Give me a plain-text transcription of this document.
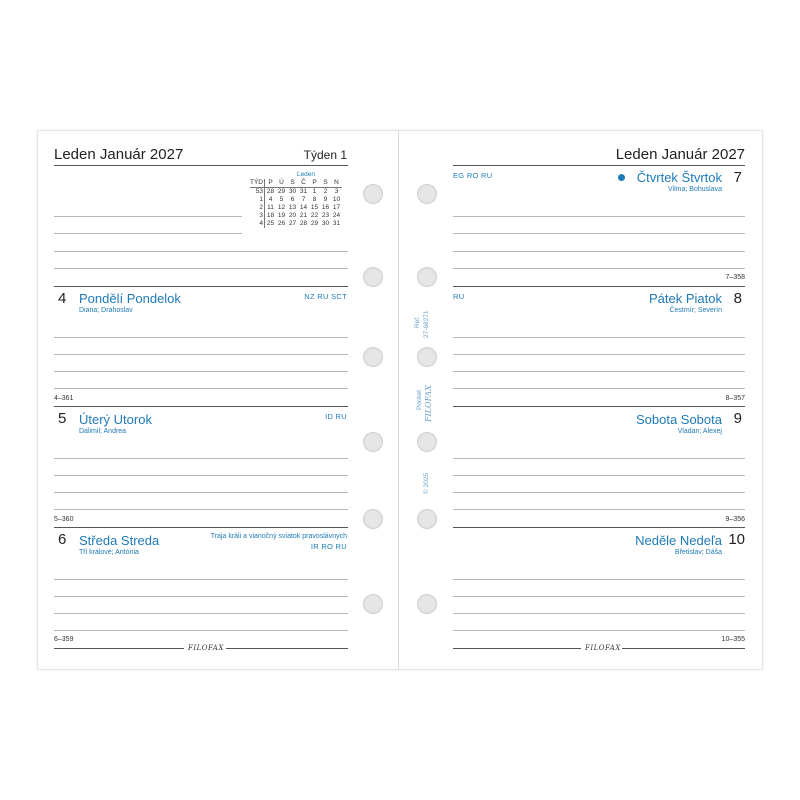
Leden Január 2027	Týden 1
Leden
TÝD	P	Ú	S	Č	P	S	N
53	28	29	30	31	1	2	3
1	4	5	6	7	8	9	10
2	11	12	13	14	15	16	17
3	18	19	20	21	22	23	24
4	25	26	27	28	29	30	31
4 Pondělí Pondelok
Diana; Drahoslav
NZ RU SCT
4–361
5 Úterý Utorok
Dalimil; Andrea
ID RU
5–360
6 Středa Streda
Tři králové; Antónia
Traja králi a vianočný sviatok pravoslávnych
IR RO RU
6–359
FILOFAX
Ref. 27-68271
Pocket FILOFAX
© 2025
Leden Január 2027
EG RO RU	Čtvrtek Štvrtok 7
Vilma; Bohuslava
7–358
RU	Pátek Piatok 8
Čestmír; Severín
8–357
Sobota Sobota 9
Vladan; Alexej
9–356
Neděle Nedeľa 10
Břetislav; Dáša
10–355
FILOFAX
